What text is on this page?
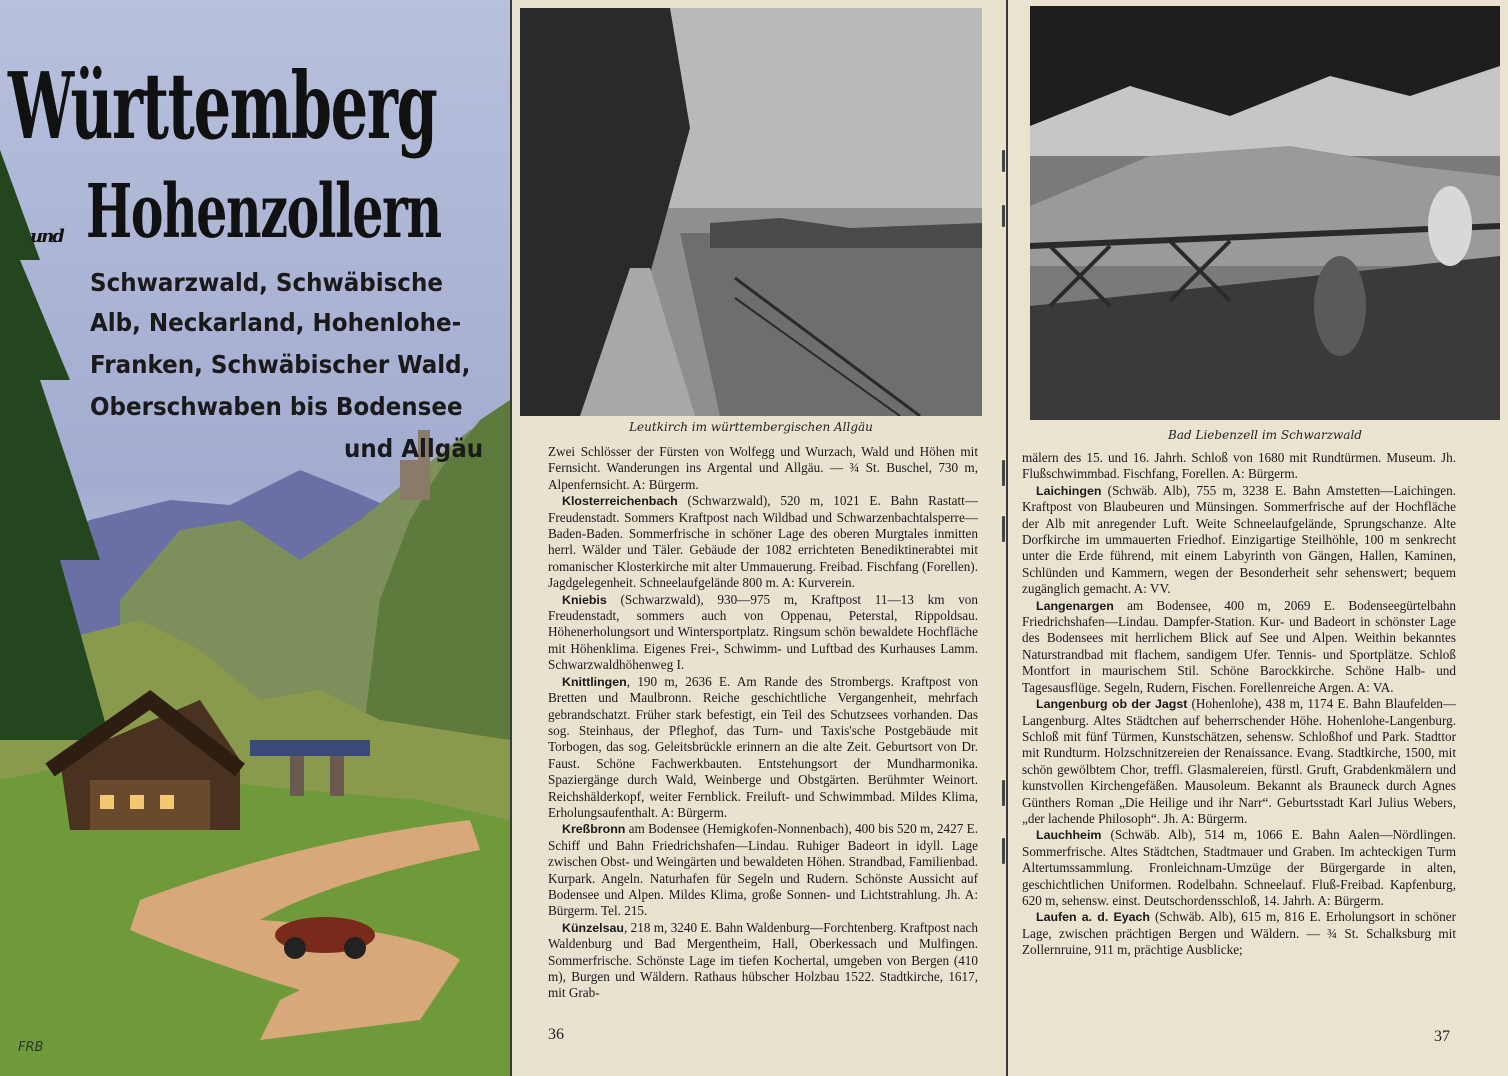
Württemberg
und Hohenzollern
Schwarzwald, Schwäbische
Alb, Neckarland, Hohenlohe-
Franken, Schwäbischer Wald,
Oberschwaben bis Bodensee
und Allgäu
FRB
Leutkirch im württembergischen Allgäu

Zwei Schlösser der Fürsten von Wolfegg und Wurzach, Wald und Höhen mit Fernsicht. Wanderungen ins Argental und Allgäu. — ¾ St. Buschel, 730 m, Alpenfernsicht. A: Bürgerm.

Klosterreichenbach (Schwarzwald), 520 m, 1021 E. Bahn Rastatt—Freudenstadt. Sommers Kraftpost nach Wildbad und Schwarzenbachtalsperre—Baden-Baden. Sommerfrische in schöner Lage des oberen Murgtales inmitten herrl. Wälder und Täler. Gebäude der 1082 errichteten Benediktinerabtei mit romanischer Klosterkirche mit alter Ummauerung. Freibad. Fischfang (Forellen). Jagdgelegenheit. Schneelaufgelände 800 m. A: Kurverein.

Kniebis (Schwarzwald), 930—975 m, Kraftpost 11—13 km von Freudenstadt, sommers auch von Oppenau, Peterstal, Rippoldsau. Höhenerholungsort und Wintersportplatz. Ringsum schön bewaldete Hochfläche mit Höhenklima. Eigenes Frei-, Schwimm- und Luftbad des Kurhauses Lamm. Schwarzwaldhöhenweg I.

Knittlingen, 190 m, 2636 E. Am Rande des Strombergs. Kraftpost von Bretten und Maulbronn. Reiche geschichtliche Vergangenheit, mehrfach gebrandschatzt. Früher stark befestigt, ein Teil des Schutzsees vorhanden. Das sog. Steinhaus, der Pfleghof, das Turn- und Taxis'sche Postgebäude mit Torbogen, das sog. Geleitsbrückle erinnern an die alte Zeit. Geburtsort von Dr. Faust. Schöne Fachwerkbauten. Entstehungsort der Mundharmonika. Spaziergänge durch Wald, Weinberge und Obstgärten. Berühmter Weinort. Reichshälderkopf, weiter Fernblick. Freiluft- und Schwimmbad. Mildes Klima, Erholungsaufenthalt. A: Bürgerm.

Kreßbronn am Bodensee (Hemigkofen-Nonnenbach), 400 bis 520 m, 2427 E. Schiff und Bahn Friedrichshafen—Lindau. Ruhiger Badeort in idyll. Lage zwischen Obst- und Weingärten und bewaldeten Höhen. Strandbad, Familienbad. Kurpark. Angeln. Naturhafen für Segeln und Rudern. Schönste Aussicht auf Bodensee und Alpen. Mildes Klima, große Sonnen- und Lichtstrahlung. Jh. A: Bürgerm. Tel. 215.

Künzelsau, 218 m, 3240 E. Bahn Waldenburg—Forchtenberg. Kraftpost nach Waldenburg und Bad Mergentheim, Hall, Oberkessach und Mulfingen. Sommerfrische. Schönste Lage im tiefen Kochertal, umgeben von Bergen (410 m), Burgen und Wäldern. Rathaus hübscher Holzbau 1522. Stadtkirche, 1617, mit Grab-

36
Bad Liebenzell im Schwarzwald

mälern des 15. und 16. Jahrh. Schloß von 1680 mit Rundtürmen. Museum. Jh. Flußschwimmbad. Fischfang, Forellen. A: Bürgerm.

Laichingen (Schwäb. Alb), 755 m, 3238 E. Bahn Amstetten—Laichingen. Kraftpost von Blaubeuren und Münsingen. Sommerfrische auf der Hochfläche der Alb mit anregender Luft. Weite Schneelaufgelände, Sprungschanze. Alte Dorfkirche im ummauerten Friedhof. Einzigartige Steilhöhle, 100 m senkrecht unter die Erde führend, mit einem Labyrinth von Gängen, Hallen, Kaminen, Schlünden und Kammern, wegen der Besonderheit sehr sehenswert; bequem zugänglich gemacht. A: VV.

Langenargen am Bodensee, 400 m, 2069 E. Bodenseegürtelbahn Friedrichshafen—Lindau. Dampfer-Station. Kur- und Badeort in schönster Lage des Bodensees mit herrlichem Blick auf See und Alpen. Weithin bekanntes Naturstrandbad mit flachem, sandigem Ufer. Tennis- und Sportplätze. Schloß Montfort in maurischem Stil. Schöne Barockkirche. Schöne Halb- und Tagesausflüge. Segeln, Rudern, Fischen. Forellenreiche Argen. A: VA.

Langenburg ob der Jagst (Hohenlohe), 438 m, 1174 E. Bahn Blaufelden—Langenburg. Altes Städtchen auf beherrschender Höhe. Hohenlohe-Langenburg. Schloß mit fünf Türmen, Kunstschätzen, sehensw. Schloßhof und Park. Stadttor mit Rundturm. Holzschnitzereien der Renaissance. Evang. Stadtkirche, 1500, mit schön gewölbtem Chor, treffl. Glasmalereien, fürstl. Gruft, Grabdenkmälern und kunstvollen Kirchengefäßen. Mausoleum. Bekannt als Brauneck durch Agnes Günthers Roman „Die Heilige und ihr Narr“. Geburtsstadt Karl Julius Webers, „der lachende Philosoph“. Jh. A: Bürgerm.

Lauchheim (Schwäb. Alb), 514 m, 1066 E. Bahn Aalen—Nördlingen. Sommerfrische. Altes Städtchen, Stadtmauer und Graben. Im achteckigen Turm Altertumssammlung. Fronleichnam-Umzüge der Bürgergarde in alten, geschichtlichen Uniformen. Rodelbahn. Schneelauf. Fluß-Freibad. Kapfenburg, 620 m, sehensw. einst. Deutschordensschloß, 14. Jahrh. A: Bürgerm.

Laufen a. d. Eyach (Schwäb. Alb), 615 m, 816 E. Erholungsort in schöner Lage, zwischen prächtigen Bergen und Wäldern. — ¾ St. Schalksburg mit Zollernruine, 911 m, prächtige Ausblicke;

37
